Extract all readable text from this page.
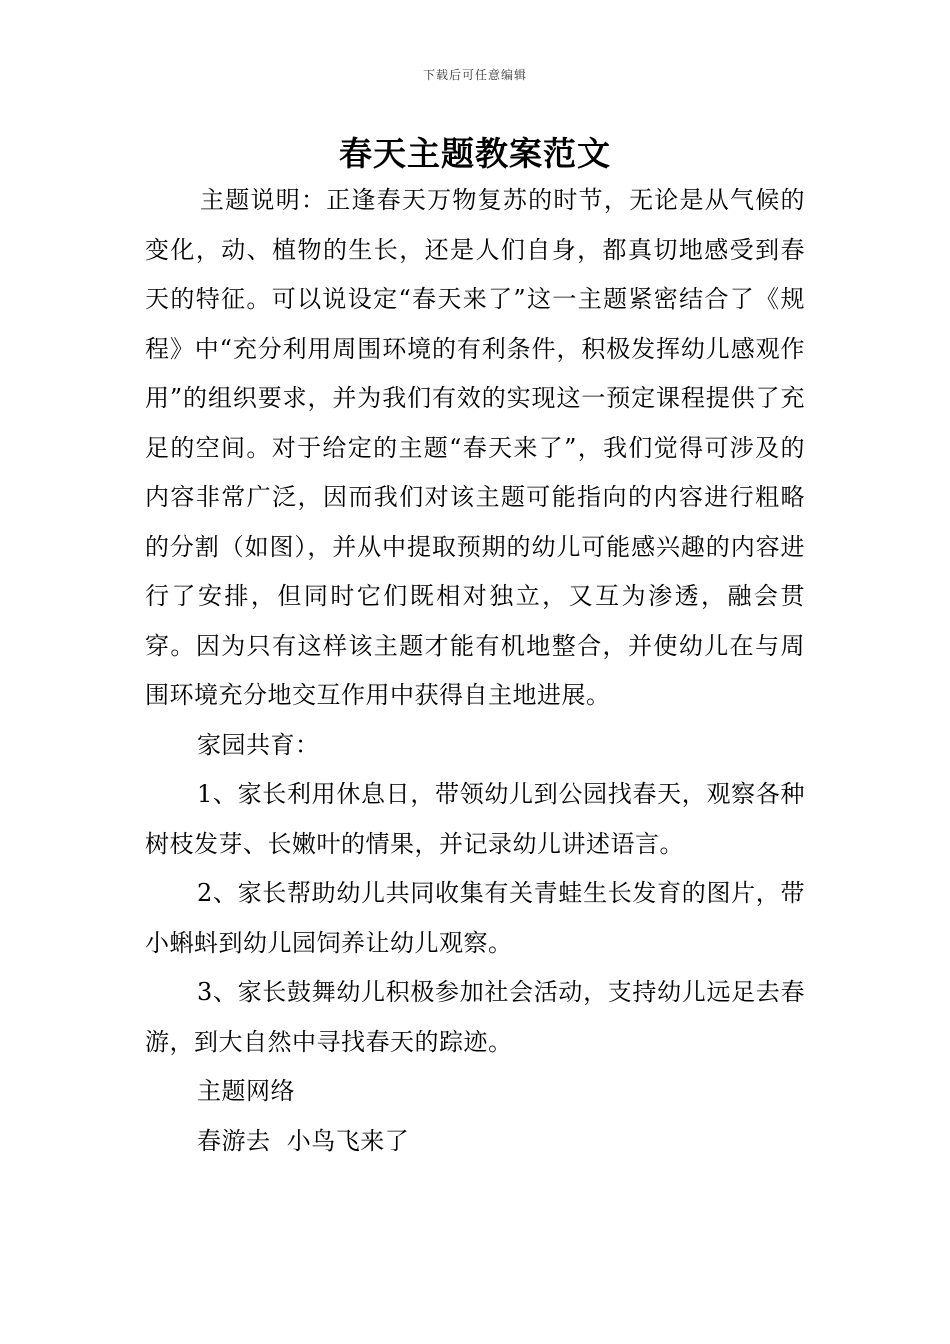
下载后可任意编辑
春天主题教案范文

主题说明：正逢春天万物复苏的时节，无论是从气候的变化，动、植物的生长，还是人们自身，都真切地感受到春天的特征。可以说设定“春天来了”这一主题紧密结合了《规程》中“充分利用周围环境的有利条件，积极发挥幼儿感观作用”的组织要求，并为我们有效的实现这一预定课程提供了充足的空间。对于给定的主题“春天来了”，我们觉得可涉及的内容非常广泛，因而我们对该主题可能指向的内容进行粗略的分割（如图），并从中提取预期的幼儿可能感兴趣的内容进行了安排，但同时它们既相对独立，又互为渗透，融会贯穿。因为只有这样该主题才能有机地整合，并使幼儿在与周围环境充分地交互作用中获得自主地进展。

家园共育：

1、家长利用休息日，带领幼儿到公园找春天，观察各种树枝发芽、长嫩叶的情果，并记录幼儿讲述语言。

2、家长帮助幼儿共同收集有关青蛙生长发育的图片，带小蝌蚪到幼儿园饲养让幼儿观察。

3、家长鼓舞幼儿积极参加社会活动，支持幼儿远足去春游，到大自然中寻找春天的踪迹。

主题网络

春游去  小鸟飞来了
